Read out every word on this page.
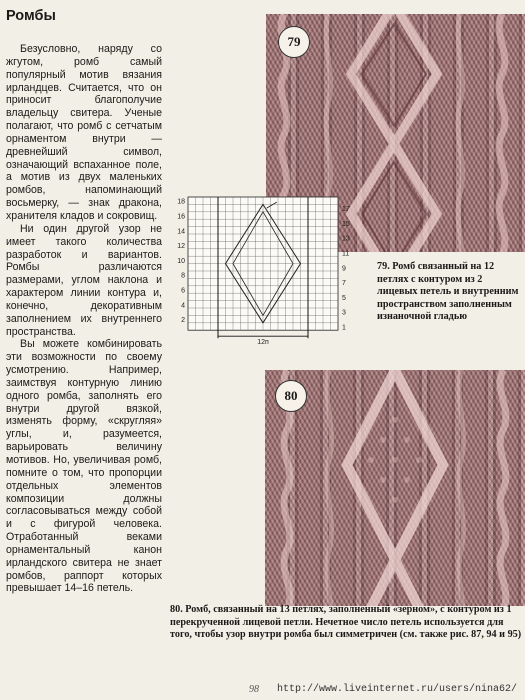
Ромбы

Безусловно, наряду со жгутом, ромб самый популярный мотив вязания ирландцев. Считается, что он приносит благополучие владельцу свитера. Ученые полагают, что ромб с сетчатым орнаментом внутри — древнейший символ, означающий вспаханное поле, а мотив из двух маленьких ромбов, напоминающий восьмерку, — знак дракона, хранителя кладов и сокровищ.

Ни один другой узор не имеет такого количества разработок и вариантов. Ромбы различаются размерами, углом наклона и характером линии контура и, конечно, декоративным заполнением их внутреннего пространства.

Вы можете комбинировать эти возможности по своему усмотрению. Например, заимствуя контурную линию одного ромба, заполнять его внутри другой вязкой, изменять форму, «скругляя» углы, и, разумеется, варьировать величину мотивов. Но, увеличивая ромб, помните о том, что пропорции отдельных элементов композиции должны согласовываться между собой и с фигурой человека. Отработанный веками орнаментальный канон ирландского свитера не знает ромбов, раппорт которых превышает 14–16 петель.

79
18
16
14
12
10
8
6
4
2
17
15
13
11
9
7
5
3
1
12п
79. Ромб связанный на 12 петлях с контуром из 2 лицевых петель и внутренним пространством заполненным изнаночной гладью
80
80. Ромб, связанный на 13 петлях, заполненный «зерном», с контуром из 1 перекрученной лицевой петли. Нечетное число петель используется для того, чтобы узор внутри ромба был симметричен (см. также рис. 87, 94 и 95)
98 http://www.liveinternet.ru/users/nina62/
